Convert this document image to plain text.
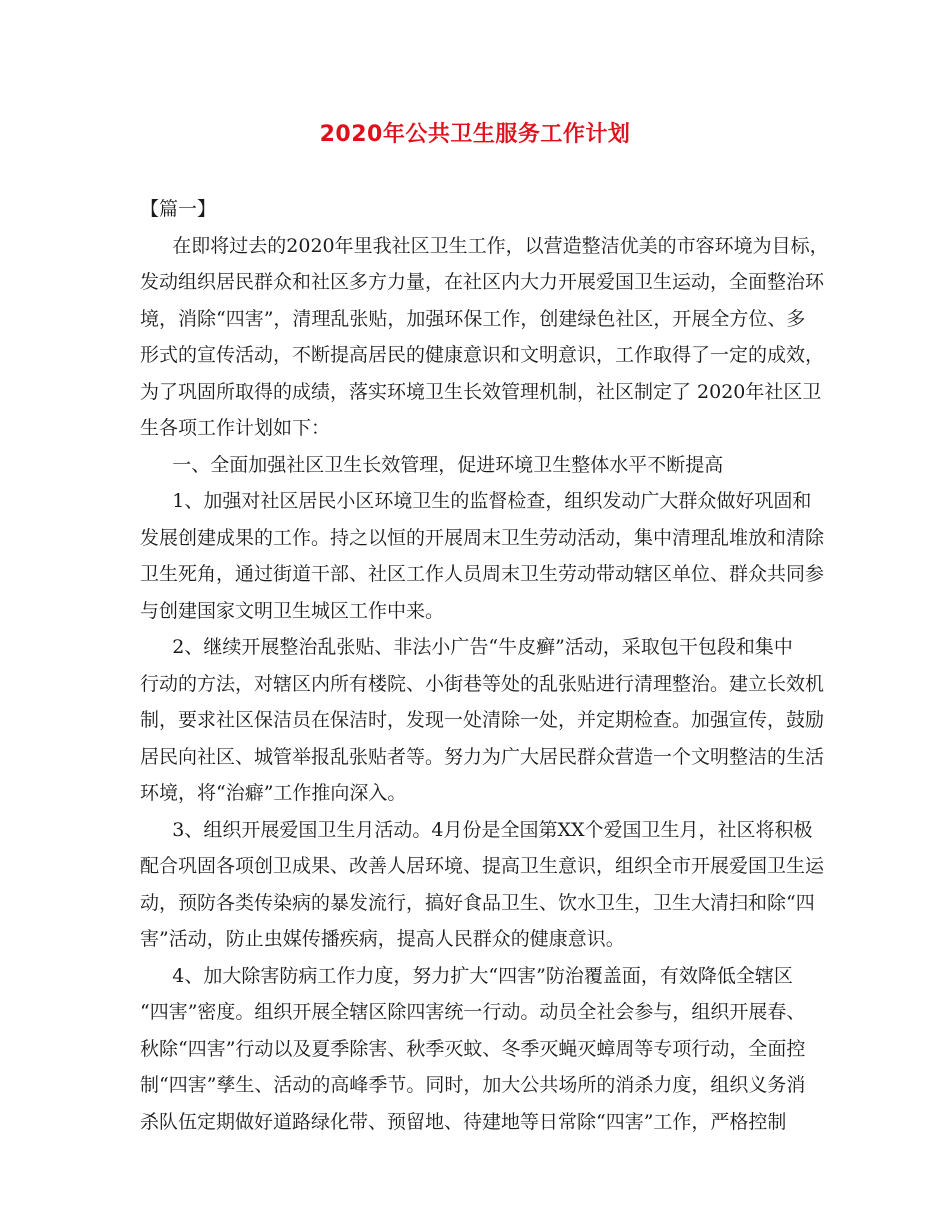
2020年公共卫生服务工作计划

【篇一】

在即将过去的2020年里我社区卫生工作，以营造整洁优美的市容环境为目标，
发动组织居民群众和社区多方力量，在社区内大力开展爱国卫生运动，全面整治环
境，消除“四害”，清理乱张贴，加强环保工作，创建绿色社区，开展全方位、多
形式的宣传活动，不断提高居民的健康意识和文明意识，工作取得了一定的成效，
为了巩固所取得的成绩，落实环境卫生长效管理机制，社区制定了 2020年社区卫
生各项工作计划如下：

一、全面加强社区卫生长效管理，促进环境卫生整体水平不断提高

1、加强对社区居民小区环境卫生的监督检查，组织发动广大群众做好巩固和
发展创建成果的工作。持之以恒的开展周末卫生劳动活动，集中清理乱堆放和清除
卫生死角，通过街道干部、社区工作人员周末卫生劳动带动辖区单位、群众共同参
与创建国家文明卫生城区工作中来。

2、继续开展整治乱张贴、非法小广告“牛皮癣”活动，采取包干包段和集中
行动的方法，对辖区内所有楼院、小街巷等处的乱张贴进行清理整治。建立长效机
制，要求社区保洁员在保洁时，发现一处清除一处，并定期检查。加强宣传，鼓励
居民向社区、城管举报乱张贴者等。努力为广大居民群众营造一个文明整洁的生活
环境，将“治癖”工作推向深入。

3、组织开展爱国卫生月活动。4月份是全国第XX个爱国卫生月，社区将积极
配合巩固各项创卫成果、改善人居环境、提高卫生意识，组织全市开展爱国卫生运
动，预防各类传染病的暴发流行，搞好食品卫生、饮水卫生，卫生大清扫和除“四
害”活动，防止虫媒传播疾病，提高人民群众的健康意识。

4、加大除害防病工作力度，努力扩大“四害”防治覆盖面，有效降低全辖区
“四害”密度。组织开展全辖区除四害统一行动。动员全社会参与，组织开展春、
秋除“四害”行动以及夏季除害、秋季灭蚊、冬季灭蝇灭蟑周等专项行动，全面控
制“四害”孳生、活动的高峰季节。同时，加大公共场所的消杀力度，组织义务消
杀队伍定期做好道路绿化带、预留地、待建地等日常除“四害”工作，严格控制
